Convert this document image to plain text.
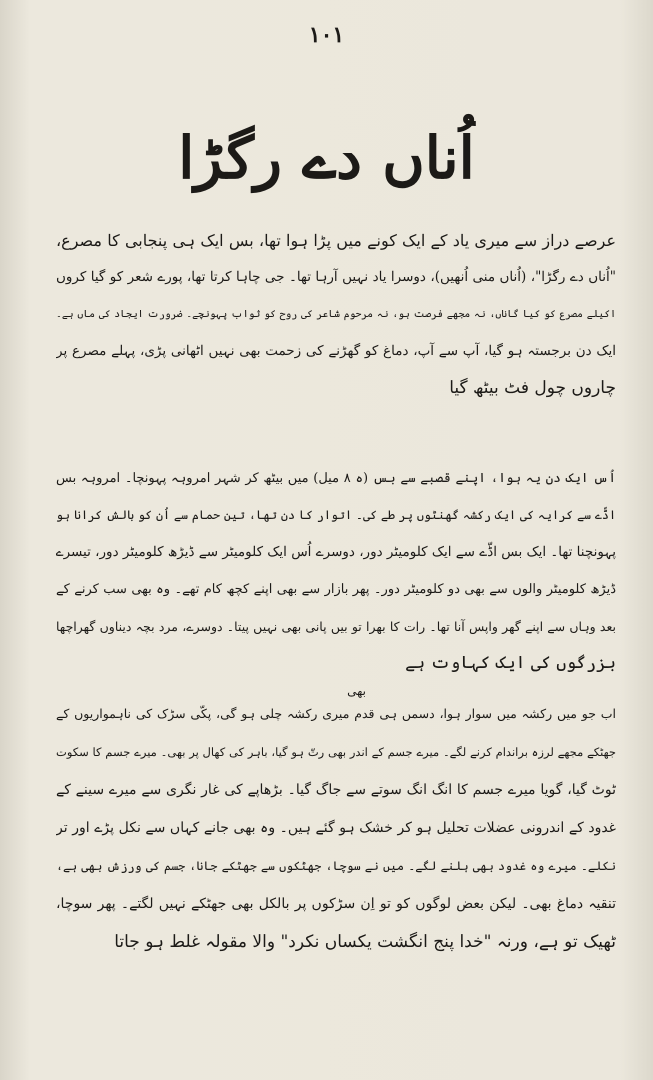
۱۰۱
اُناں دے رگڑا

عرصے دراز سے میری یاد کے ایک کونے میں پڑا ہوا تھا، بس ایک ہی پنجابی کا مصرع،

"اُناں دے رگڑا"، (اُناں منی اُنھیں)، دوسرا یاد نہیں آرہا تھا۔ جی چاہا کرتا تھا، پورے شعر کو گیا کروں

اکیلے مصرع کو کیا گاناں، نہ مجھے فرصت ہو، نہ مرحوم شاعر کی روح کو ثواب پہونچے۔ ضرورت ایجاد کی ماں ہے۔

ایک دن برجستہ ہو گیا، آپ سے آپ، دماغ کو گھڑنے کی زحمت بھی نہیں اٹھانی پڑی، پہلے مصرع پر

چاروں چول فٹ بیٹھ گیا

اُس ایک دن یہ ہوا، اپنے قصبے سے بس (ہ ۸ میل) میں بیٹھ کر شہر امروہہ پہونچا۔ امروہہ بس

اڈّے سے کرایہ کی ایک رکشہ گھنٹوں پر طے کی۔ اتوار کا دن تھا، تین حمام سے اُن کو بالش کرانا ہو

پہونچنا تھا۔ ایک بس اڈّے سے ایک کلومیٹر دور، دوسرے اُس ایک کلومیٹر سے ڈیڑھ کلومیٹر دور، تیسرے

ڈیڑھ کلومیٹر والوں سے بھی دو کلومیٹر دور۔ پھر بازار سے بھی اپنے کچھ کام تھے۔ وہ بھی سب کرنے کے

بعد وہاں سے اپنے گھر واپس آنا تھا۔ رات کا بھرا تو بیں پانی بھی نہیں پیتا۔ دوسرے، مرد بچہ دیناوں گھراچھا

بزرگوں کی ایک کہاوت ہے

بھی

اب جو میں رکشہ میں سوار ہوا، دسمں ہی قدم میری رکشہ چلی ہو گی، پکّی سڑک کی ناہمواریوں کے

جھٹکے مجھے لرزہ براندام کرنے لگے۔ میرے جسم کے اندر بھی رتّ ہو گیا، باہر کی کھال پر بھی۔ میرے جسم کا سکوت

ٹوٹ گیا، گویا میرے جسم کا انگ انگ سوتے سے جاگ گیا۔ بڑھاپے کی غار نگری سے میرے سینے کے

غدود کے اندرونی عضلات تحلیل ہو کر خشک ہو گئے ہیں۔ وہ بھی جانے کہاں سے نکل پڑے اور تر

نکلے۔ میرے وہ غدود بھی ہلنے لگے۔ میں نے سوچا، جھٹکوں سے جھٹکے جانا، جسم کی ورزش بھی ہے،

تنقیہ دماغ بھی۔ لیکن بعض لوگوں کو تو اِن سڑکوں پر بالکل بھی جھٹکے نہیں لگتے۔ پھر سوچا،

ٹھیک تو ہے، ورنہ "خدا پنج انگشت یکساں نکرد" والا مقولہ غلط ہو جاتا
